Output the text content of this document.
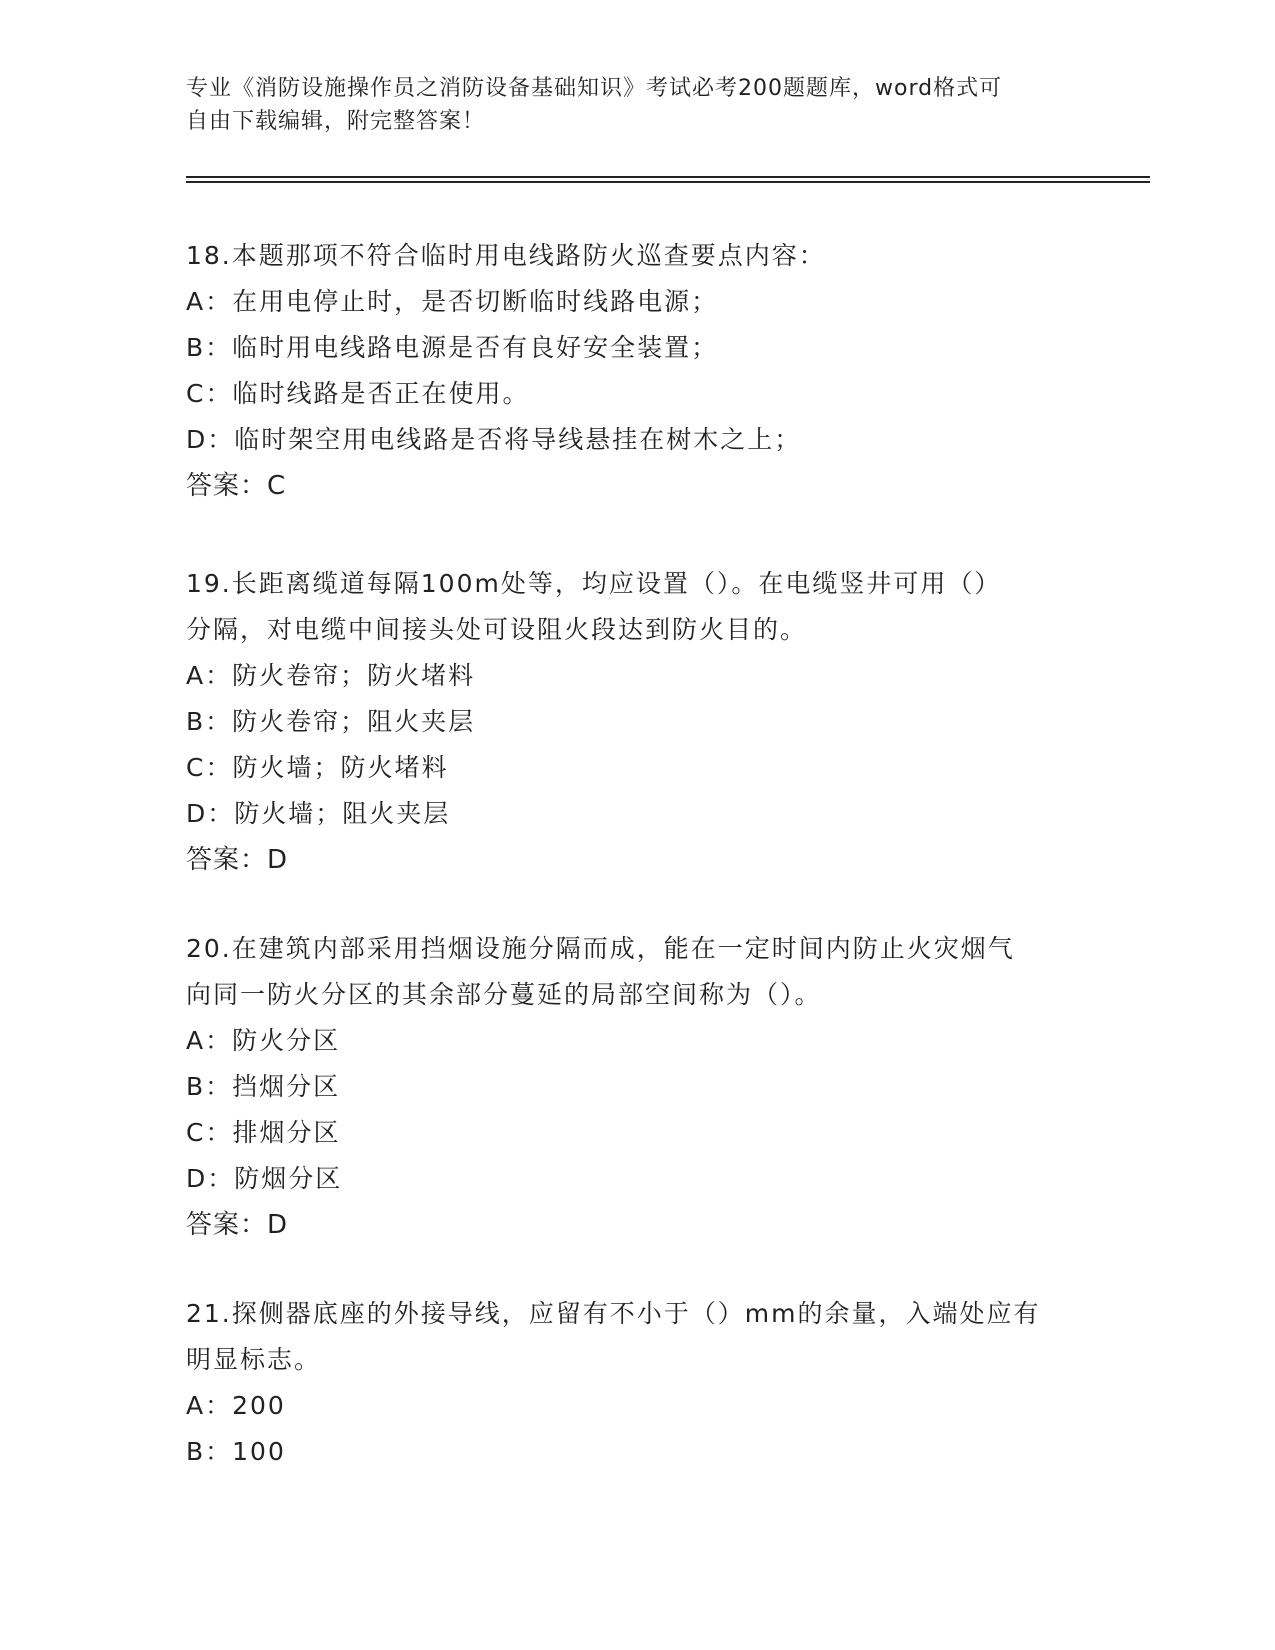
专业《消防设施操作员之消防设备基础知识》考试必考200题题库，word格式可
自由下载编辑，附完整答案！
18.本题那项不符合临时用电线路防火巡查要点内容：
A：在用电停止时，是否切断临时线路电源；
B：临时用电线路电源是否有良好安全装置；
C：临时线路是否正在使用。
D：临时架空用电线路是否将导线悬挂在树木之上；
答案：C
19.长距离缆道每隔100m处等，均应设置（）。在电缆竖井可用（）
分隔，对电缆中间接头处可设阻火段达到防火目的。
A：防火卷帘；防火堵料
B：防火卷帘；阻火夹层
C：防火墙；防火堵料
D：防火墙；阻火夹层
答案：D
20.在建筑内部采用挡烟设施分隔而成，能在一定时间内防止火灾烟气
向同一防火分区的其余部分蔓延的局部空间称为（）。
A：防火分区
B：挡烟分区
C：排烟分区
D：防烟分区
答案：D
21.探侧器底座的外接导线，应留有不小于（）mm的余量，入端处应有
明显标志。
A：200
B：100
